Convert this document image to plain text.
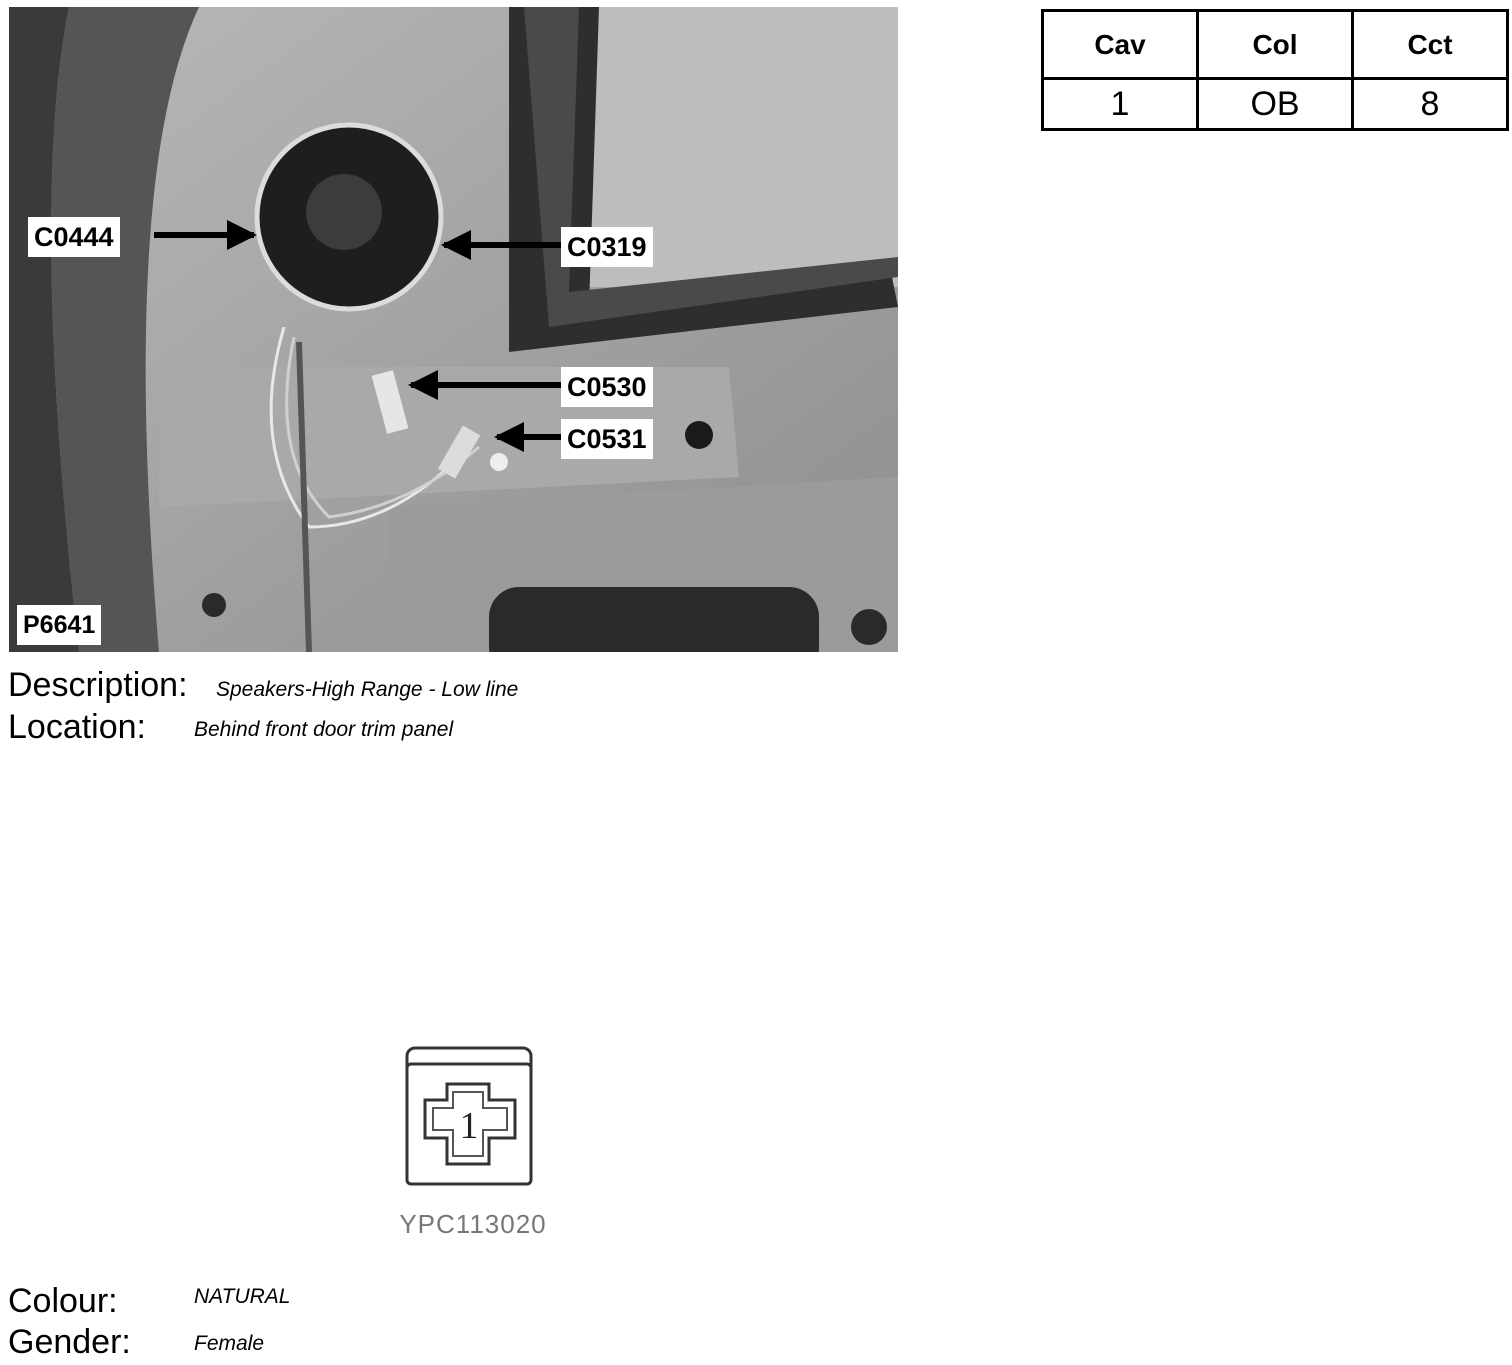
C0444	C0319
C0530
C0531
P6641
Cav	Col	Cct
1	OB	8
Description: Speakers-High Range - Low line
Location: Behind front door trim panel
1
YPC113020
Colour:	NATURAL
Gender:	Female
